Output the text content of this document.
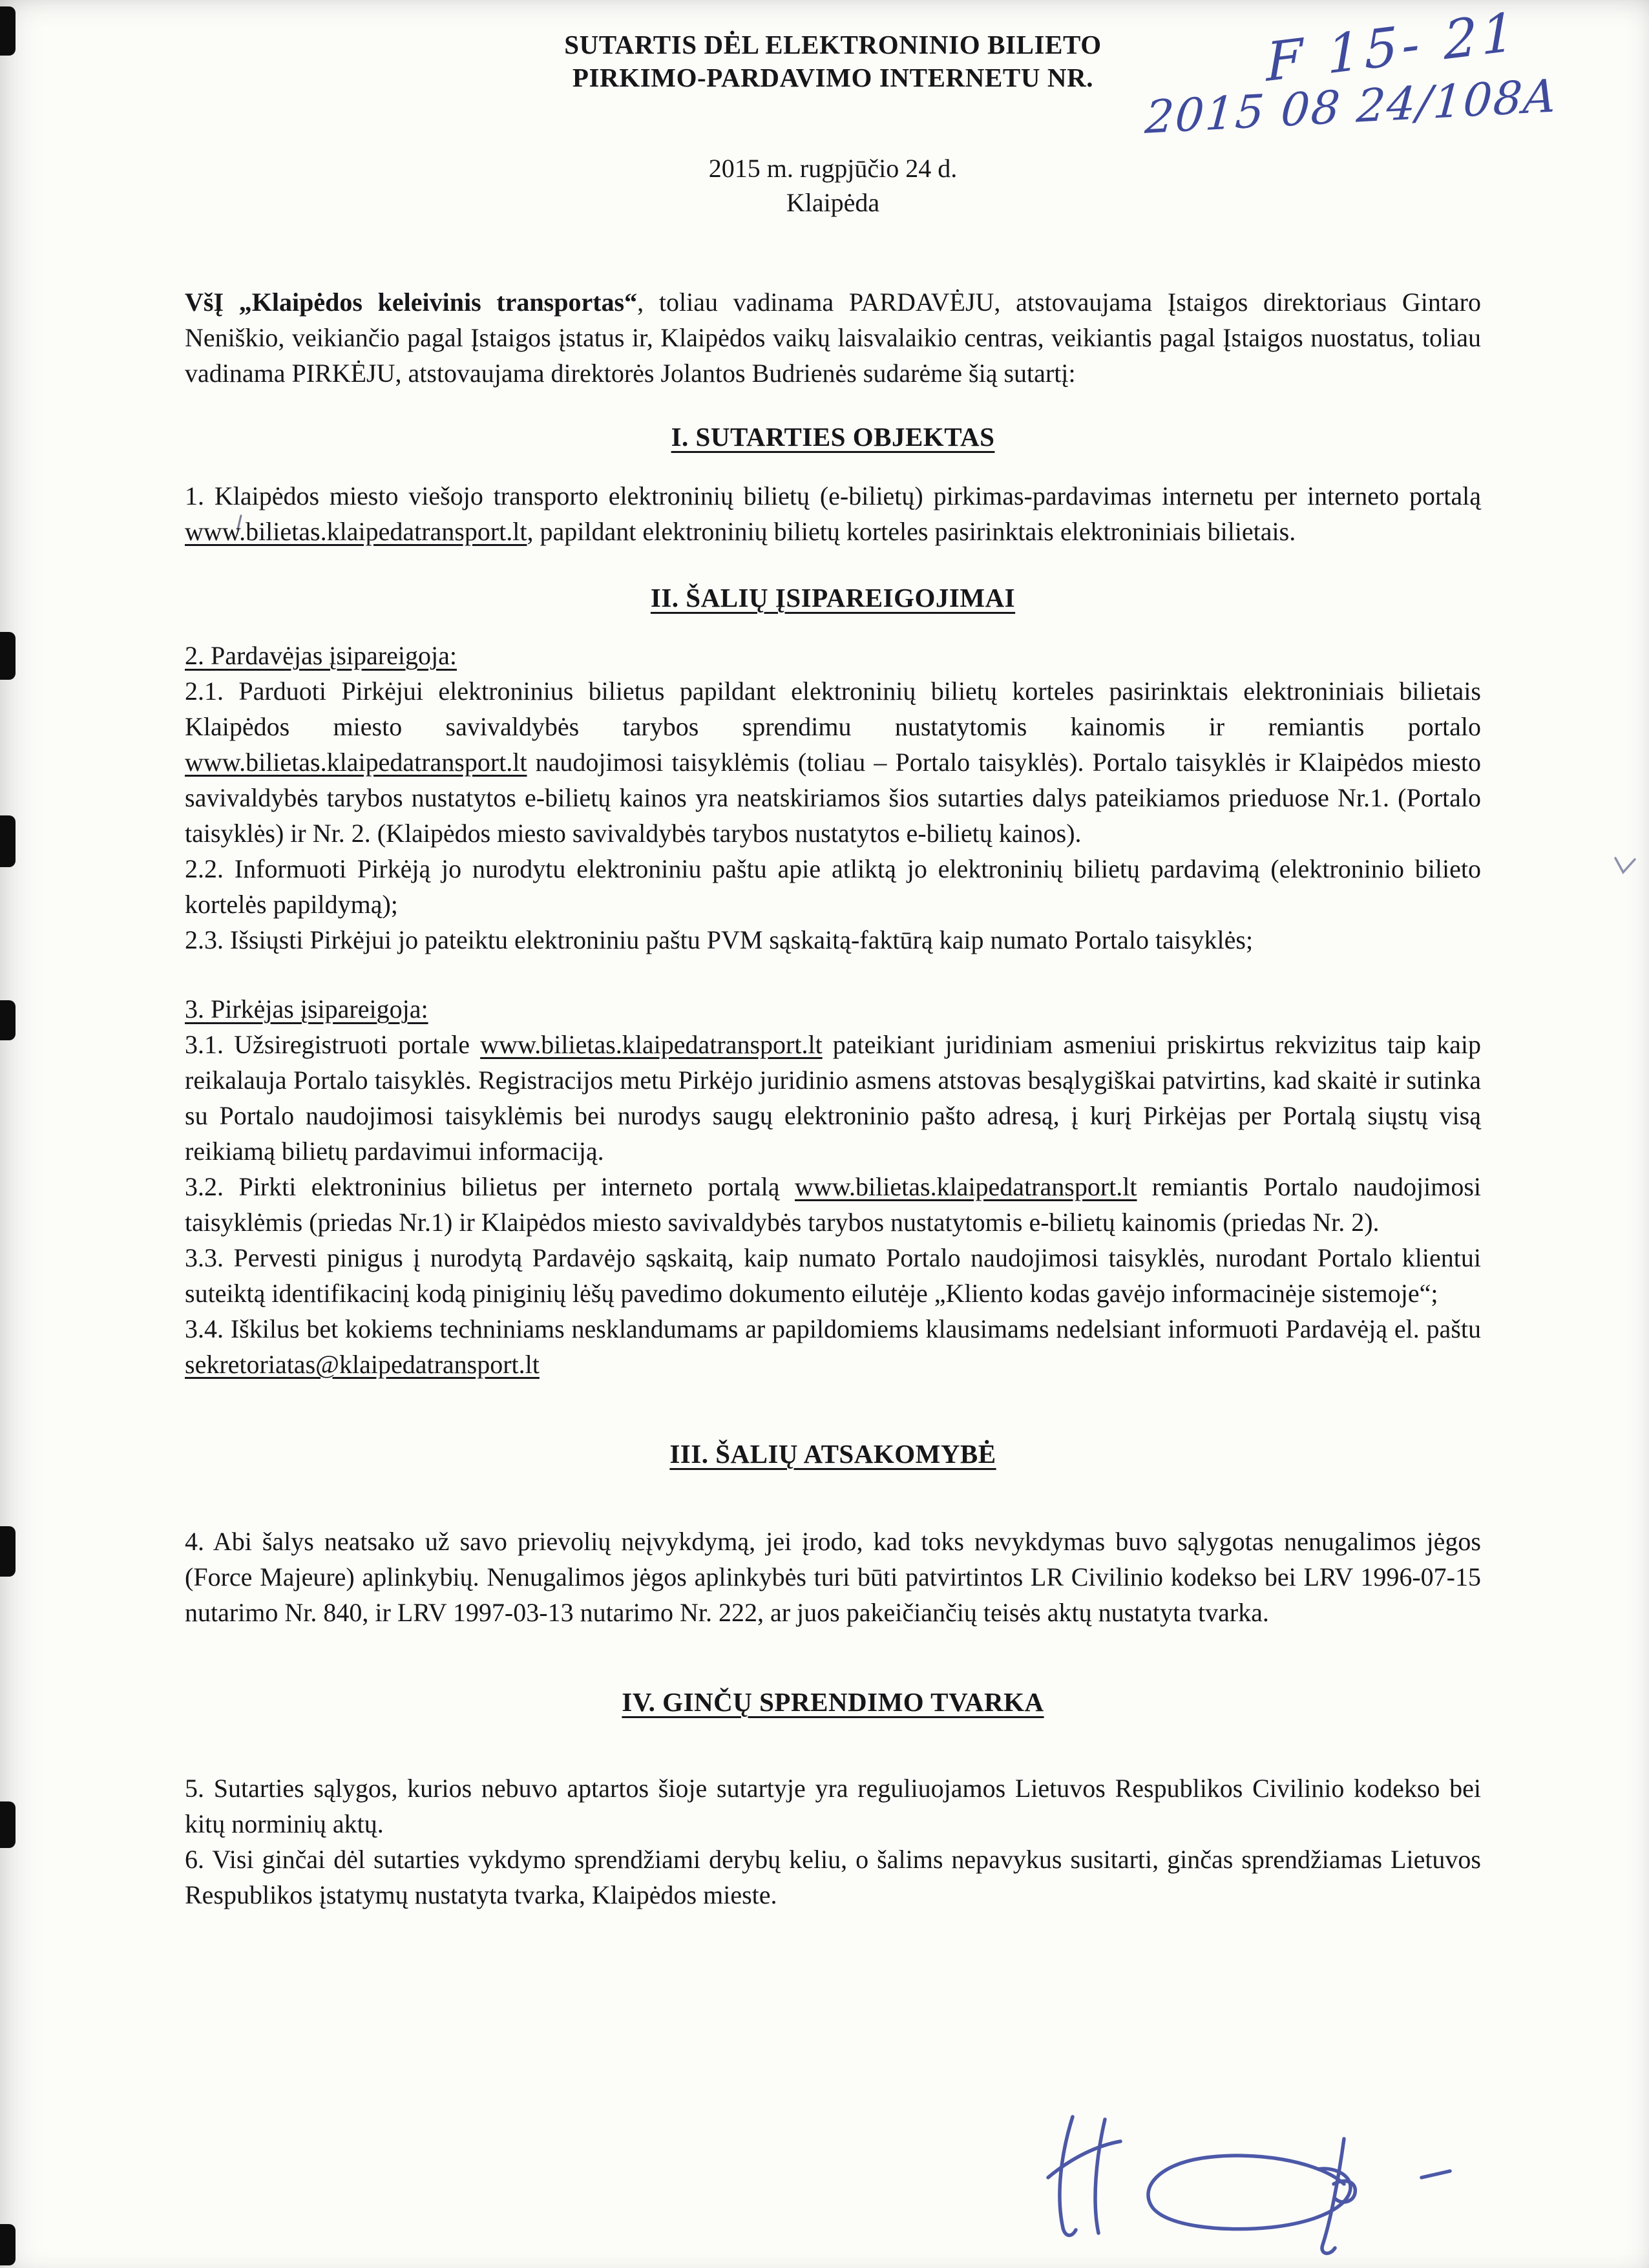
F 15- 21
2015 08 24/108A
SUTARTIS DĖL ELEKTRONINIO BILIETO
PIRKIMO-PARDAVIMO INTERNETU NR.
2015 m. rugpjūčio 24 d.
Klaipėda

VšĮ „Klaipėdos keleivinis transportas“, toliau vadinama PARDAVĖJU, atstovaujama Įstaigos direktoriaus Gintaro Neniškio, veikiančio pagal Įstaigos įstatus ir, Klaipėdos vaikų laisvalaikio centras, veikiantis pagal Įstaigos nuostatus, toliau vadinama PIRKĖJU, atstovaujama direktorės Jolantos Budrienės sudarėme šią sutartį:

I. SUTARTIES OBJEKTAS

1. Klaipėdos miesto viešojo transporto elektroninių bilietų (e-bilietų) pirkimas-pardavimas internetu per interneto portalą www.bilietas.klaipedatransport.lt, papildant elektroninių bilietų korteles pasirinktais elektroniniais bilietais.

II. ŠALIŲ ĮSIPAREIGOJIMAI

2. Pardavėjas įsipareigoja:

2.1. Parduoti Pirkėjui elektroninius bilietus papildant elektroninių bilietų korteles pasirinktais elektroniniais bilietais Klaipėdos miesto savivaldybės tarybos sprendimu nustatytomis kainomis ir remiantis portalo www.bilietas.klaipedatransport.lt naudojimosi taisyklėmis (toliau – Portalo taisyklės). Portalo taisyklės ir Klaipėdos miesto savivaldybės tarybos nustatytos e-bilietų kainos yra neatskiriamos šios sutarties dalys pateikiamos prieduose Nr.1. (Portalo taisyklės) ir Nr. 2. (Klaipėdos miesto savivaldybės tarybos nustatytos e-bilietų kainos).

2.2. Informuoti Pirkėją jo nurodytu elektroniniu paštu apie atliktą jo elektroninių bilietų pardavimą (elektroninio bilieto kortelės papildymą);

2.3. Išsiųsti Pirkėjui jo pateiktu elektroniniu paštu PVM sąskaitą-faktūrą kaip numato Portalo taisyklės;

3. Pirkėjas įsipareigoja:

3.1. Užsiregistruoti portale www.bilietas.klaipedatransport.lt pateikiant juridiniam asmeniui priskirtus rekvizitus taip kaip reikalauja Portalo taisyklės. Registracijos metu Pirkėjo juridinio asmens atstovas besąlygiškai patvirtins, kad skaitė ir sutinka su Portalo naudojimosi taisyklėmis bei nurodys saugų elektroninio pašto adresą, į kurį Pirkėjas per Portalą siųstų visą reikiamą bilietų pardavimui informaciją.

3.2. Pirkti elektroninius bilietus per interneto portalą www.bilietas.klaipedatransport.lt remiantis Portalo naudojimosi taisyklėmis (priedas Nr.1) ir Klaipėdos miesto savivaldybės tarybos nustatytomis e-bilietų kainomis (priedas Nr. 2).

3.3. Pervesti pinigus į nurodytą Pardavėjo sąskaitą, kaip numato Portalo naudojimosi taisyklės, nurodant Portalo klientui suteiktą identifikacinį kodą piniginių lėšų pavedimo dokumento eilutėje „Kliento kodas gavėjo informacinėje sistemoje“;

3.4. Iškilus bet kokiems techniniams nesklandumams ar papildomiems klausimams nedelsiant informuoti Pardavėją el. paštu sekretoriatas@klaipedatransport.lt

III. ŠALIŲ ATSAKOMYBĖ

4. Abi šalys neatsako už savo prievolių neįvykdymą, jei įrodo, kad toks nevykdymas buvo sąlygotas nenugalimos jėgos (Force Majeure) aplinkybių. Nenugalimos jėgos aplinkybės turi būti patvirtintos LR Civilinio kodekso bei LRV 1996-07-15 nutarimo Nr. 840, ir LRV 1997-03-13 nutarimo Nr. 222, ar juos pakeičiančių teisės aktų nustatyta tvarka.

IV. GINČŲ SPRENDIMO TVARKA

5. Sutarties sąlygos, kurios nebuvo aptartos šioje sutartyje yra reguliuojamos Lietuvos Respublikos Civilinio kodekso bei kitų norminių aktų.

6. Visi ginčai dėl sutarties vykdymo sprendžiami derybų keliu, o šalims nepavykus susitarti, ginčas sprendžiamas Lietuvos Respublikos įstatymų nustatyta tvarka, Klaipėdos mieste.
